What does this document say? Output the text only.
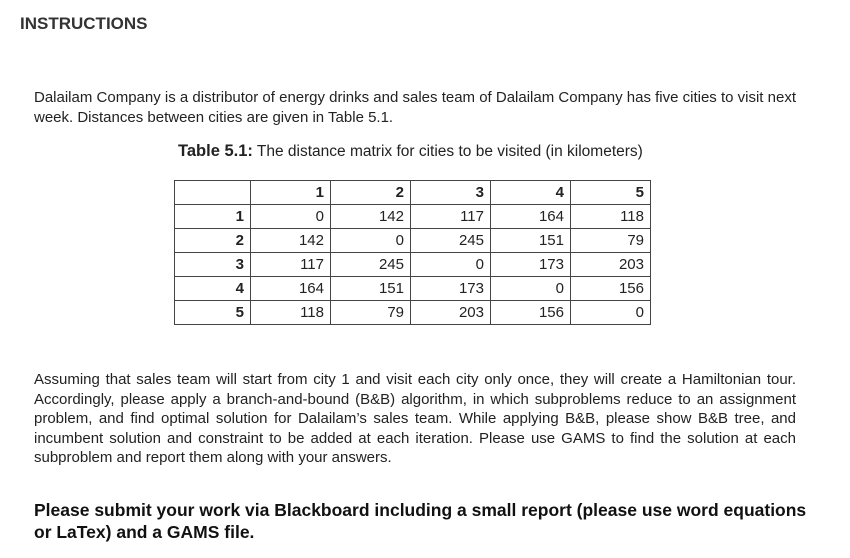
INSTRUCTIONS
Dalailam Company is a distributor of energy drinks and sales team of Dalailam Company has five cities to visit next week. Distances between cities are given in Table 5.1.
Table 5.1: The distance matrix for cities to be visited (in kilometers)
	1	2	3	4	5
1	0	142	117	164	118
2	142	0	245	151	79
3	117	245	0	173	203
4	164	151	173	0	156
5	118	79	203	156	0
Assuming that sales team will start from city 1 and visit each city only once, they will create a Hamiltonian tour. Accordingly, please apply a branch-and-bound (B&B) algorithm, in which subproblems reduce to an assignment problem, and find optimal solution for Dalailam’s sales team. While applying B&B, please show B&B tree, and incumbent solution and constraint to be added at each iteration. Please use GAMS to find the solution at each subproblem and report them along with your answers.
Please submit your work via Blackboard including a small report (please use word equations or LaTex) and a GAMS file.
